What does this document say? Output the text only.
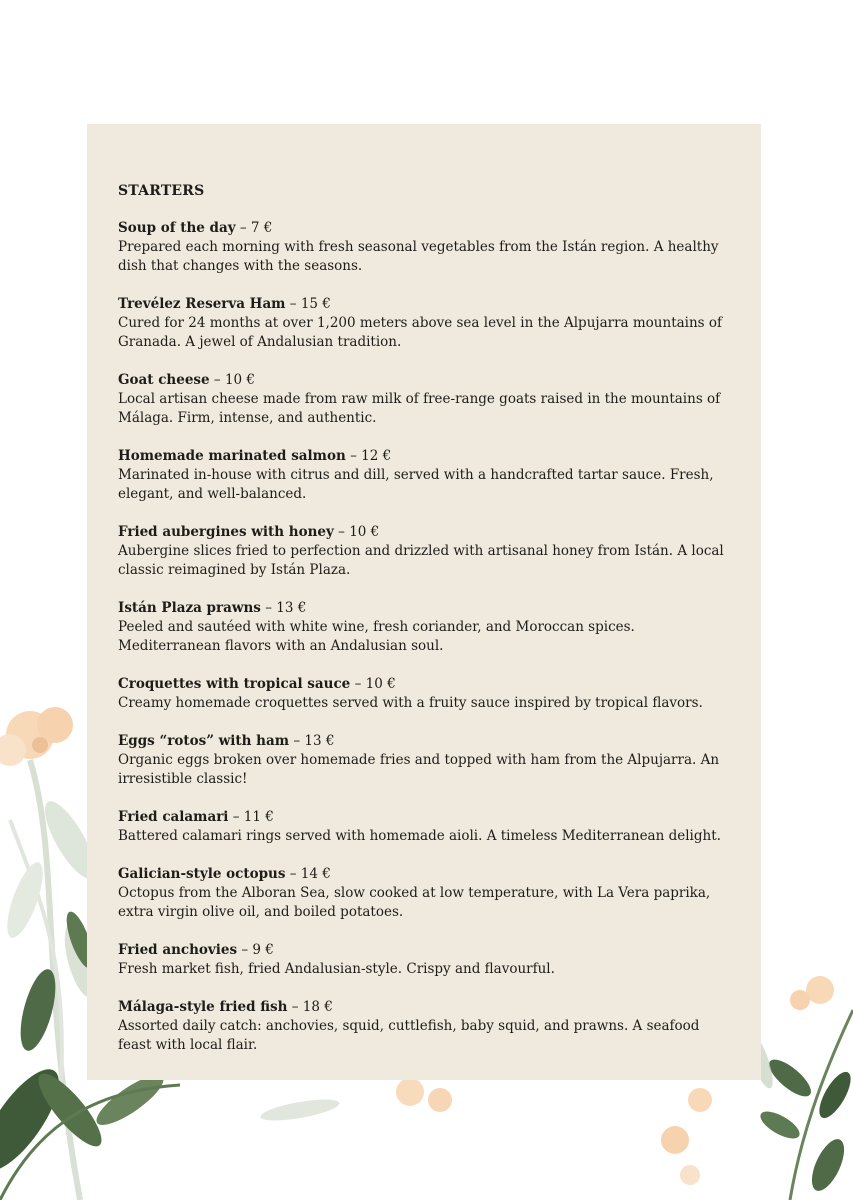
STARTERS
Soup of the day – 7 €

Prepared each morning with fresh seasonal vegetables from the Istán region. A healthy dish that changes with the seasons.

Trevélez Reserva Ham – 15 €

Cured for 24 months at over 1,200 meters above sea level in the Alpujarra mountains of Granada. A jewel of Andalusian tradition.

Goat cheese – 10 €

Local artisan cheese made from raw milk of free-range goats raised in the mountains of Málaga. Firm, intense, and authentic.

Homemade marinated salmon – 12 €

Marinated in-house with citrus and dill, served with a handcrafted tartar sauce. Fresh, elegant, and well-balanced.

Fried aubergines with honey – 10 €

Aubergine slices fried to perfection and drizzled with artisanal honey from Istán. A local classic reimagined by Istán Plaza.

Istán Plaza prawns – 13 €

Peeled and sautéed with white wine, fresh coriander, and Moroccan spices. Mediterranean flavors with an Andalusian soul.

Croquettes with tropical sauce – 10 €

Creamy homemade croquettes served with a fruity sauce inspired by tropical flavors.

Eggs “rotos” with ham – 13 €

Organic eggs broken over homemade fries and topped with ham from the Alpujarra. An irresistible classic!

Fried calamari – 11 €

Battered calamari rings served with homemade aioli. A timeless Mediterranean delight.

Galician-style octopus – 14 €

Octopus from the Alboran Sea, slow cooked at low temperature, with La Vera paprika, extra virgin olive oil, and boiled potatoes.

Fried anchovies – 9 €

Fresh market fish, fried Andalusian-style. Crispy and flavourful.

Málaga-style fried fish – 18 €

Assorted daily catch: anchovies, squid, cuttlefish, baby squid, and prawns. A seafood feast with local flair.
